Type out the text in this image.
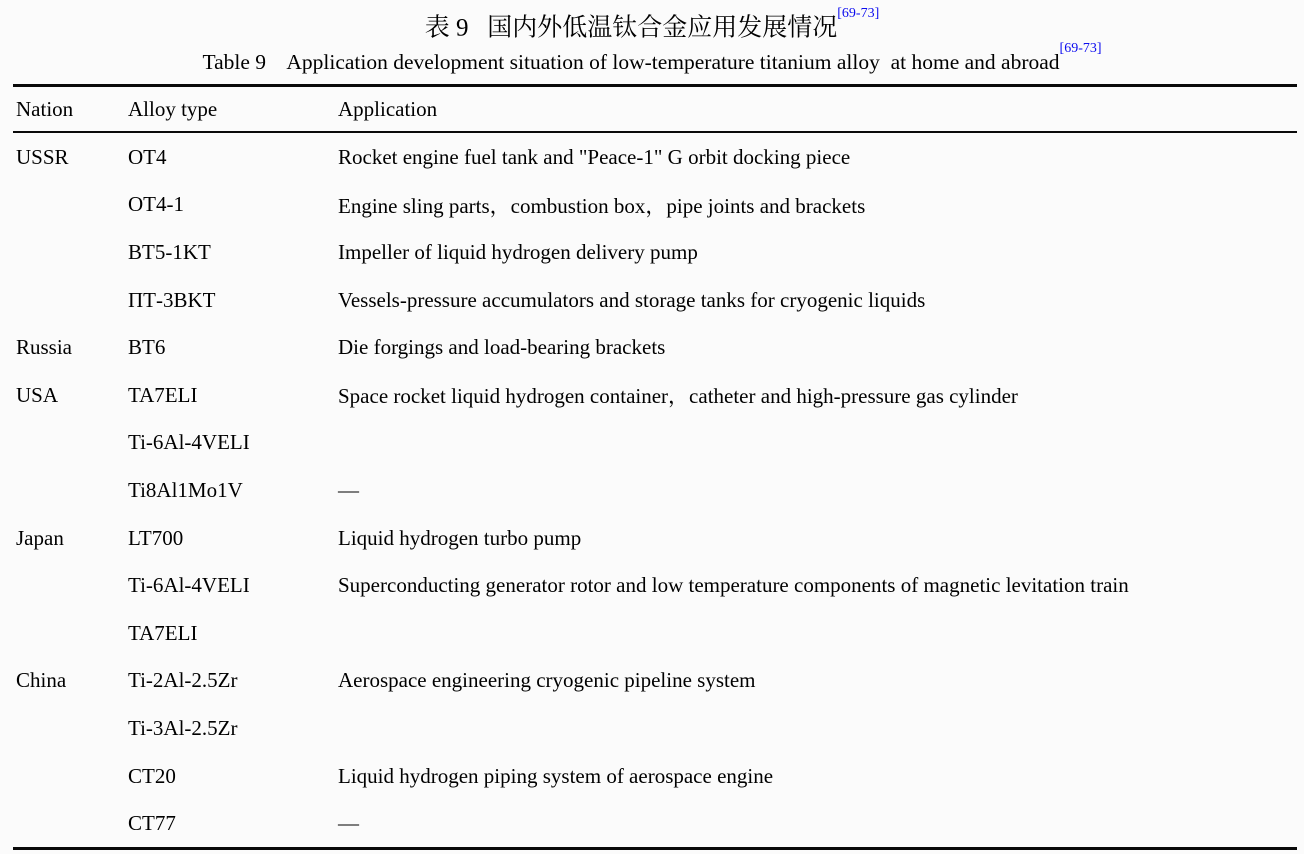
表 9   国内外低温钛合金应用发展情况[69-73]
Table 9    Application development situation of low-temperature titanium alloy  at home and abroad[69-73]
Nation	Alloy type	Application
USSR	OT4	Rocket engine fuel tank and "Peace-1" G orbit docking piece
	OT4-1	Engine sling parts，combustion box，pipe joints and brackets
	BT5-1KT	Impeller of liquid hydrogen delivery pump
	ПТ-3BKT	Vessels-pressure accumulators and storage tanks for cryogenic liquids
Russia	BT6	Die forgings and load-bearing brackets
USA	TA7ELI	Space rocket liquid hydrogen container，catheter and high-pressure gas cylinder
	Ti-6Al-4VELI	
	Ti8Al1Mo1V	—
Japan	LT700	Liquid hydrogen turbo pump
	Ti-6Al-4VELI	Superconducting generator rotor and low temperature components of magnetic levitation train
	TA7ELI	
China	Ti-2Al-2.5Zr	Aerospace engineering cryogenic pipeline system
	Ti-3Al-2.5Zr	
	CT20	Liquid hydrogen piping system of aerospace engine
	CT77	—
